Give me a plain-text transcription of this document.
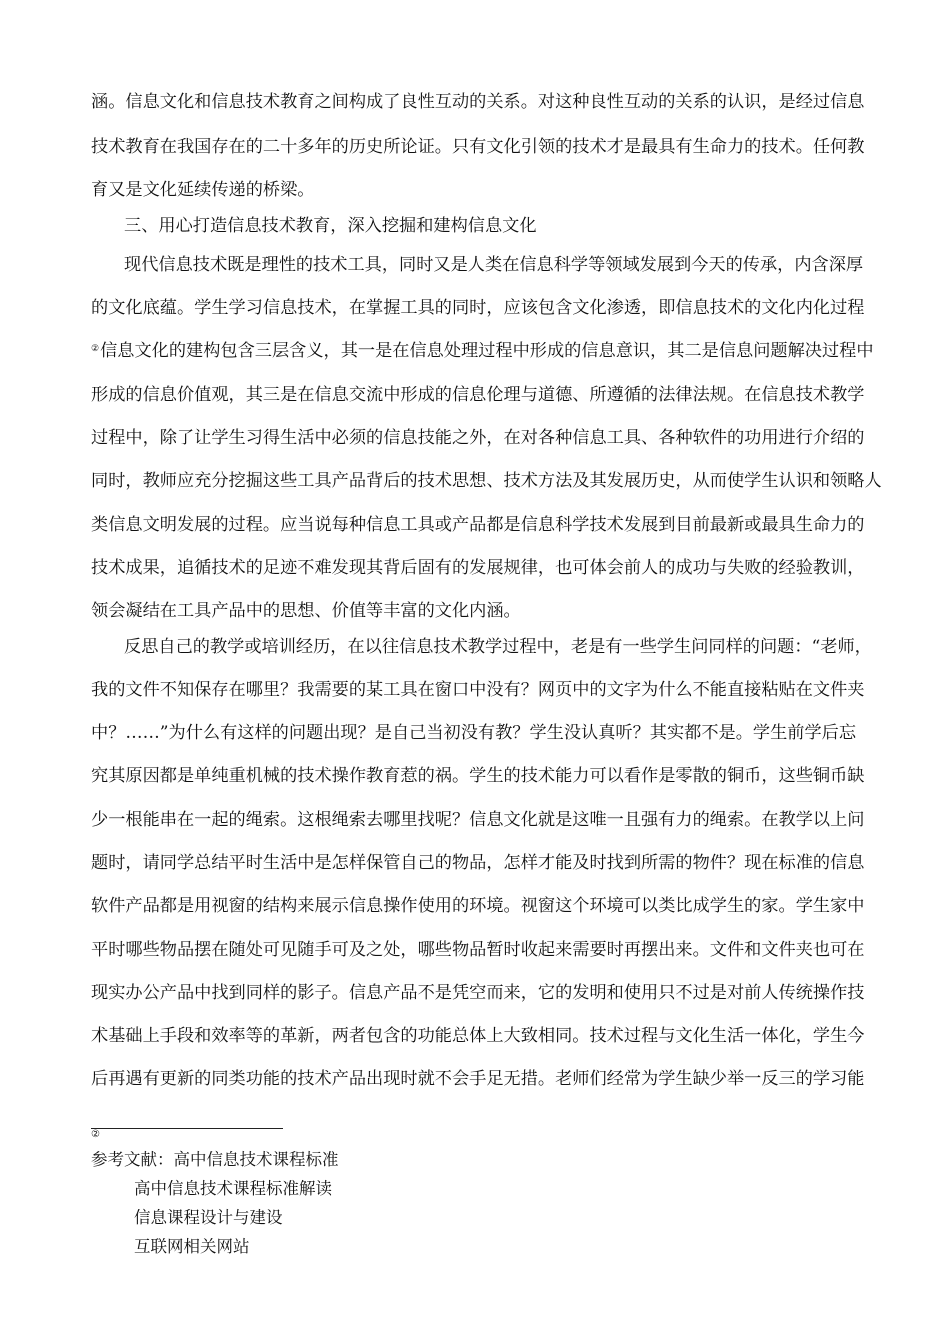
涵。信息文化和信息技术教育之间构成了良性互动的关系。对这种良性互动的关系的认识，是经过信息
技术教育在我国存在的二十多年的历史所论证。只有文化引领的技术才是最具有生命力的技术。任何教
育又是文化延续传递的桥梁。
三、用心打造信息技术教育，深入挖掘和建构信息文化
现代信息技术既是理性的技术工具，同时又是人类在信息科学等领域发展到今天的传承，内含深厚
的文化底蕴。学生学习信息技术，在掌握工具的同时，应该包含文化渗透，即信息技术的文化内化过程
②信息文化的建构包含三层含义，其一是在信息处理过程中形成的信息意识，其二是信息问题解决过程中
形成的信息价值观，其三是在信息交流中形成的信息伦理与道德、所遵循的法律法规。在信息技术教学
过程中，除了让学生习得生活中必须的信息技能之外，在对各种信息工具、各种软件的功用进行介绍的
同时，教师应充分挖掘这些工具产品背后的技术思想、技术方法及其发展历史，从而使学生认识和领略人
类信息文明发展的过程。应当说每种信息工具或产品都是信息科学技术发展到目前最新或最具生命力的
技术成果，追循技术的足迹不难发现其背后固有的发展规律，也可体会前人的成功与失败的经验教训，
领会凝结在工具产品中的思想、价值等丰富的文化内涵。
反思自己的教学或培训经历，在以往信息技术教学过程中，老是有一些学生问同样的问题：“老师，
我的文件不知保存在哪里？我需要的某工具在窗口中没有？网页中的文字为什么不能直接粘贴在文件夹
中？……”为什么有这样的问题出现？是自己当初没有教？学生没认真听？其实都不是。学生前学后忘
究其原因都是单纯重机械的技术操作教育惹的祸。学生的技术能力可以看作是零散的铜币，这些铜币缺
少一根能串在一起的绳索。这根绳索去哪里找呢？信息文化就是这唯一且强有力的绳索。在教学以上问
题时，请同学总结平时生活中是怎样保管自己的物品，怎样才能及时找到所需的物件？现在标准的信息
软件产品都是用视窗的结构来展示信息操作使用的环境。视窗这个环境可以类比成学生的家。学生家中
平时哪些物品摆在随处可见随手可及之处，哪些物品暂时收起来需要时再摆出来。文件和文件夹也可在
现实办公产品中找到同样的影子。信息产品不是凭空而来，它的发明和使用只不过是对前人传统操作技
术基础上手段和效率等的革新，两者包含的功能总体上大致相同。技术过程与文化生活一体化，学生今
后再遇有更新的同类功能的技术产品出现时就不会手足无措。老师们经常为学生缺少举一反三的学习能
②
参考文献：高中信息技术课程标准
高中信息技术课程标准解读
信息课程设计与建设
互联网相关网站
